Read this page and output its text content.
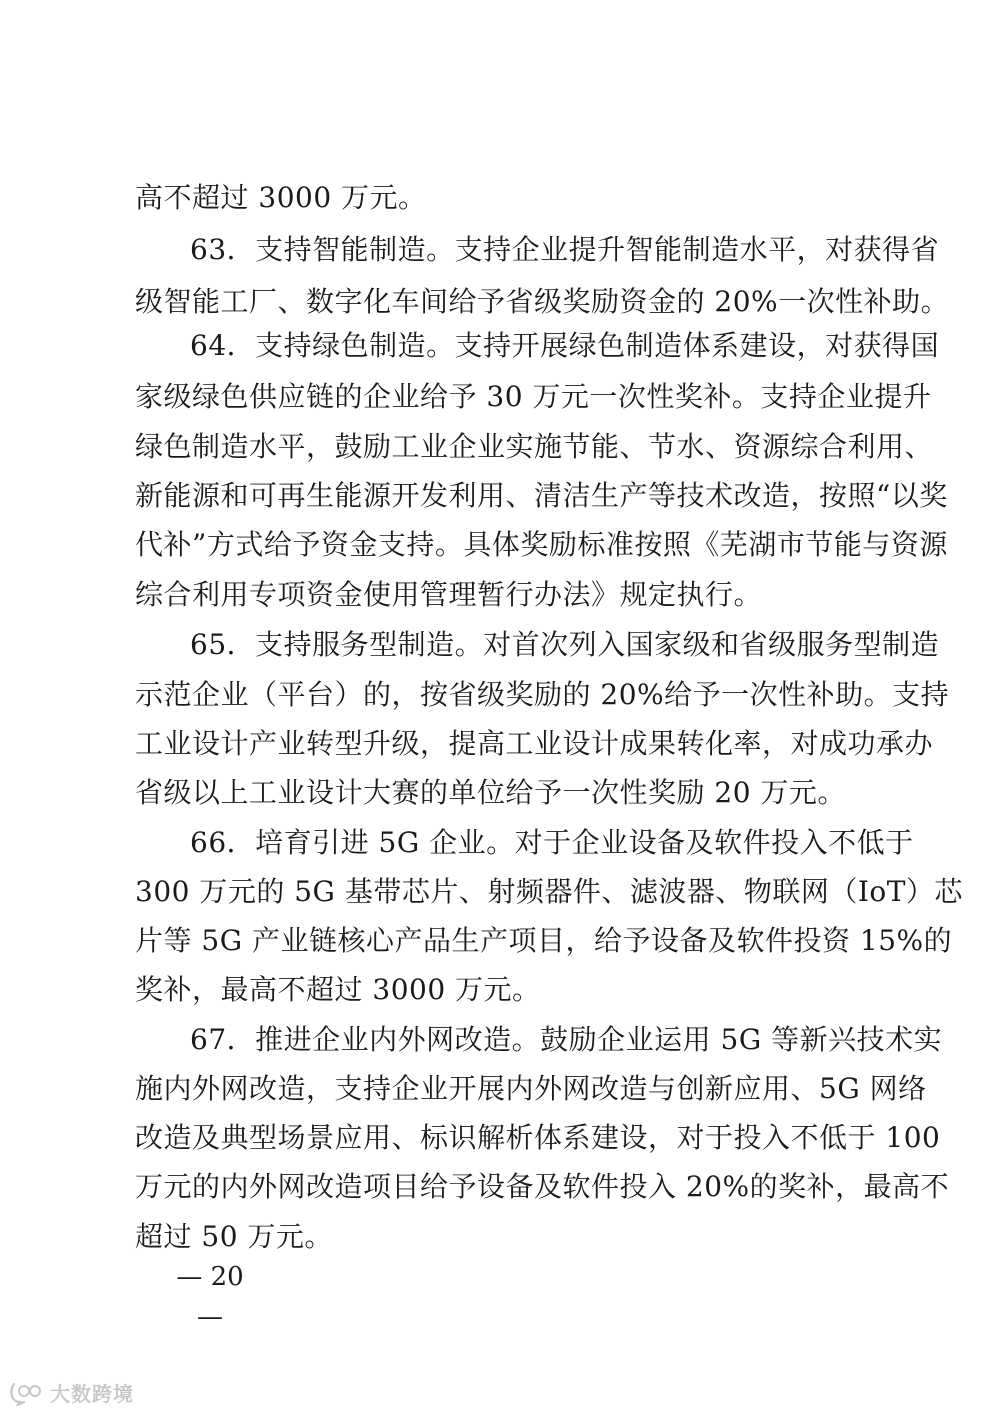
高不超过 3000 万元。
63．支持智能制造。支持企业提升智能制造水平，对获得省
级智能工厂、数字化车间给予省级奖励资金的 20%一次性补助。
64．支持绿色制造。支持开展绿色制造体系建设，对获得国
家级绿色供应链的企业给予 30 万元一次性奖补。支持企业提升
绿色制造水平，鼓励工业企业实施节能、节水、资源综合利用、
新能源和可再生能源开发利用、清洁生产等技术改造，按照“以奖
代补”方式给予资金支持。具体奖励标准按照《芜湖市节能与资源
综合利用专项资金使用管理暂行办法》规定执行。
65．支持服务型制造。对首次列入国家级和省级服务型制造
示范企业（平台）的，按省级奖励的 20%给予一次性补助。支持
工业设计产业转型升级，提高工业设计成果转化率，对成功承办
省级以上工业设计大赛的单位给予一次性奖励 20 万元。
66．培育引进 5G 企业。对于企业设备及软件投入不低于
300 万元的 5G 基带芯片、射频器件、滤波器、物联网（IoT）芯
片等 5G 产业链核心产品生产项目，给予设备及软件投资 15%的
奖补，最高不超过 3000 万元。
67．推进企业内外网改造。鼓励企业运用 5G 等新兴技术实
施内外网改造，支持企业开展内外网改造与创新应用、5G 网络
改造及典型场景应用、标识解析体系建设，对于投入不低于 100
万元的内外网改造项目给予设备及软件投入 20%的奖补，最高不
超过 50 万元。
— 20 —
大数跨境
